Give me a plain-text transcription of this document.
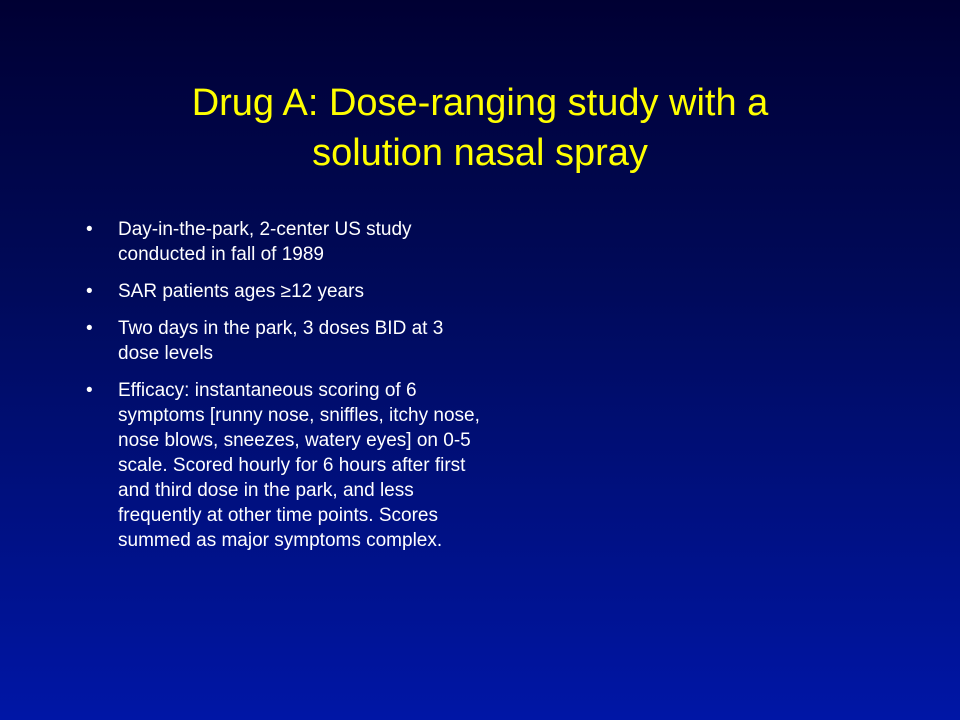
Drug A: Dose-ranging study with a
solution nasal spray
•	Day-in-the-park, 2-center US study conducted in fall of 1989
•	SAR patients ages ≥12 years
•	Two days in the park, 3 doses BID at 3 dose levels
•	Efficacy: instantaneous scoring of 6 symptoms [runny nose, sniffles, itchy nose, nose blows, sneezes, watery eyes] on 0-5 scale. Scored hourly for 6 hours after first and third dose in the park, and less frequently at other time points. Scores summed as major symptoms complex.
